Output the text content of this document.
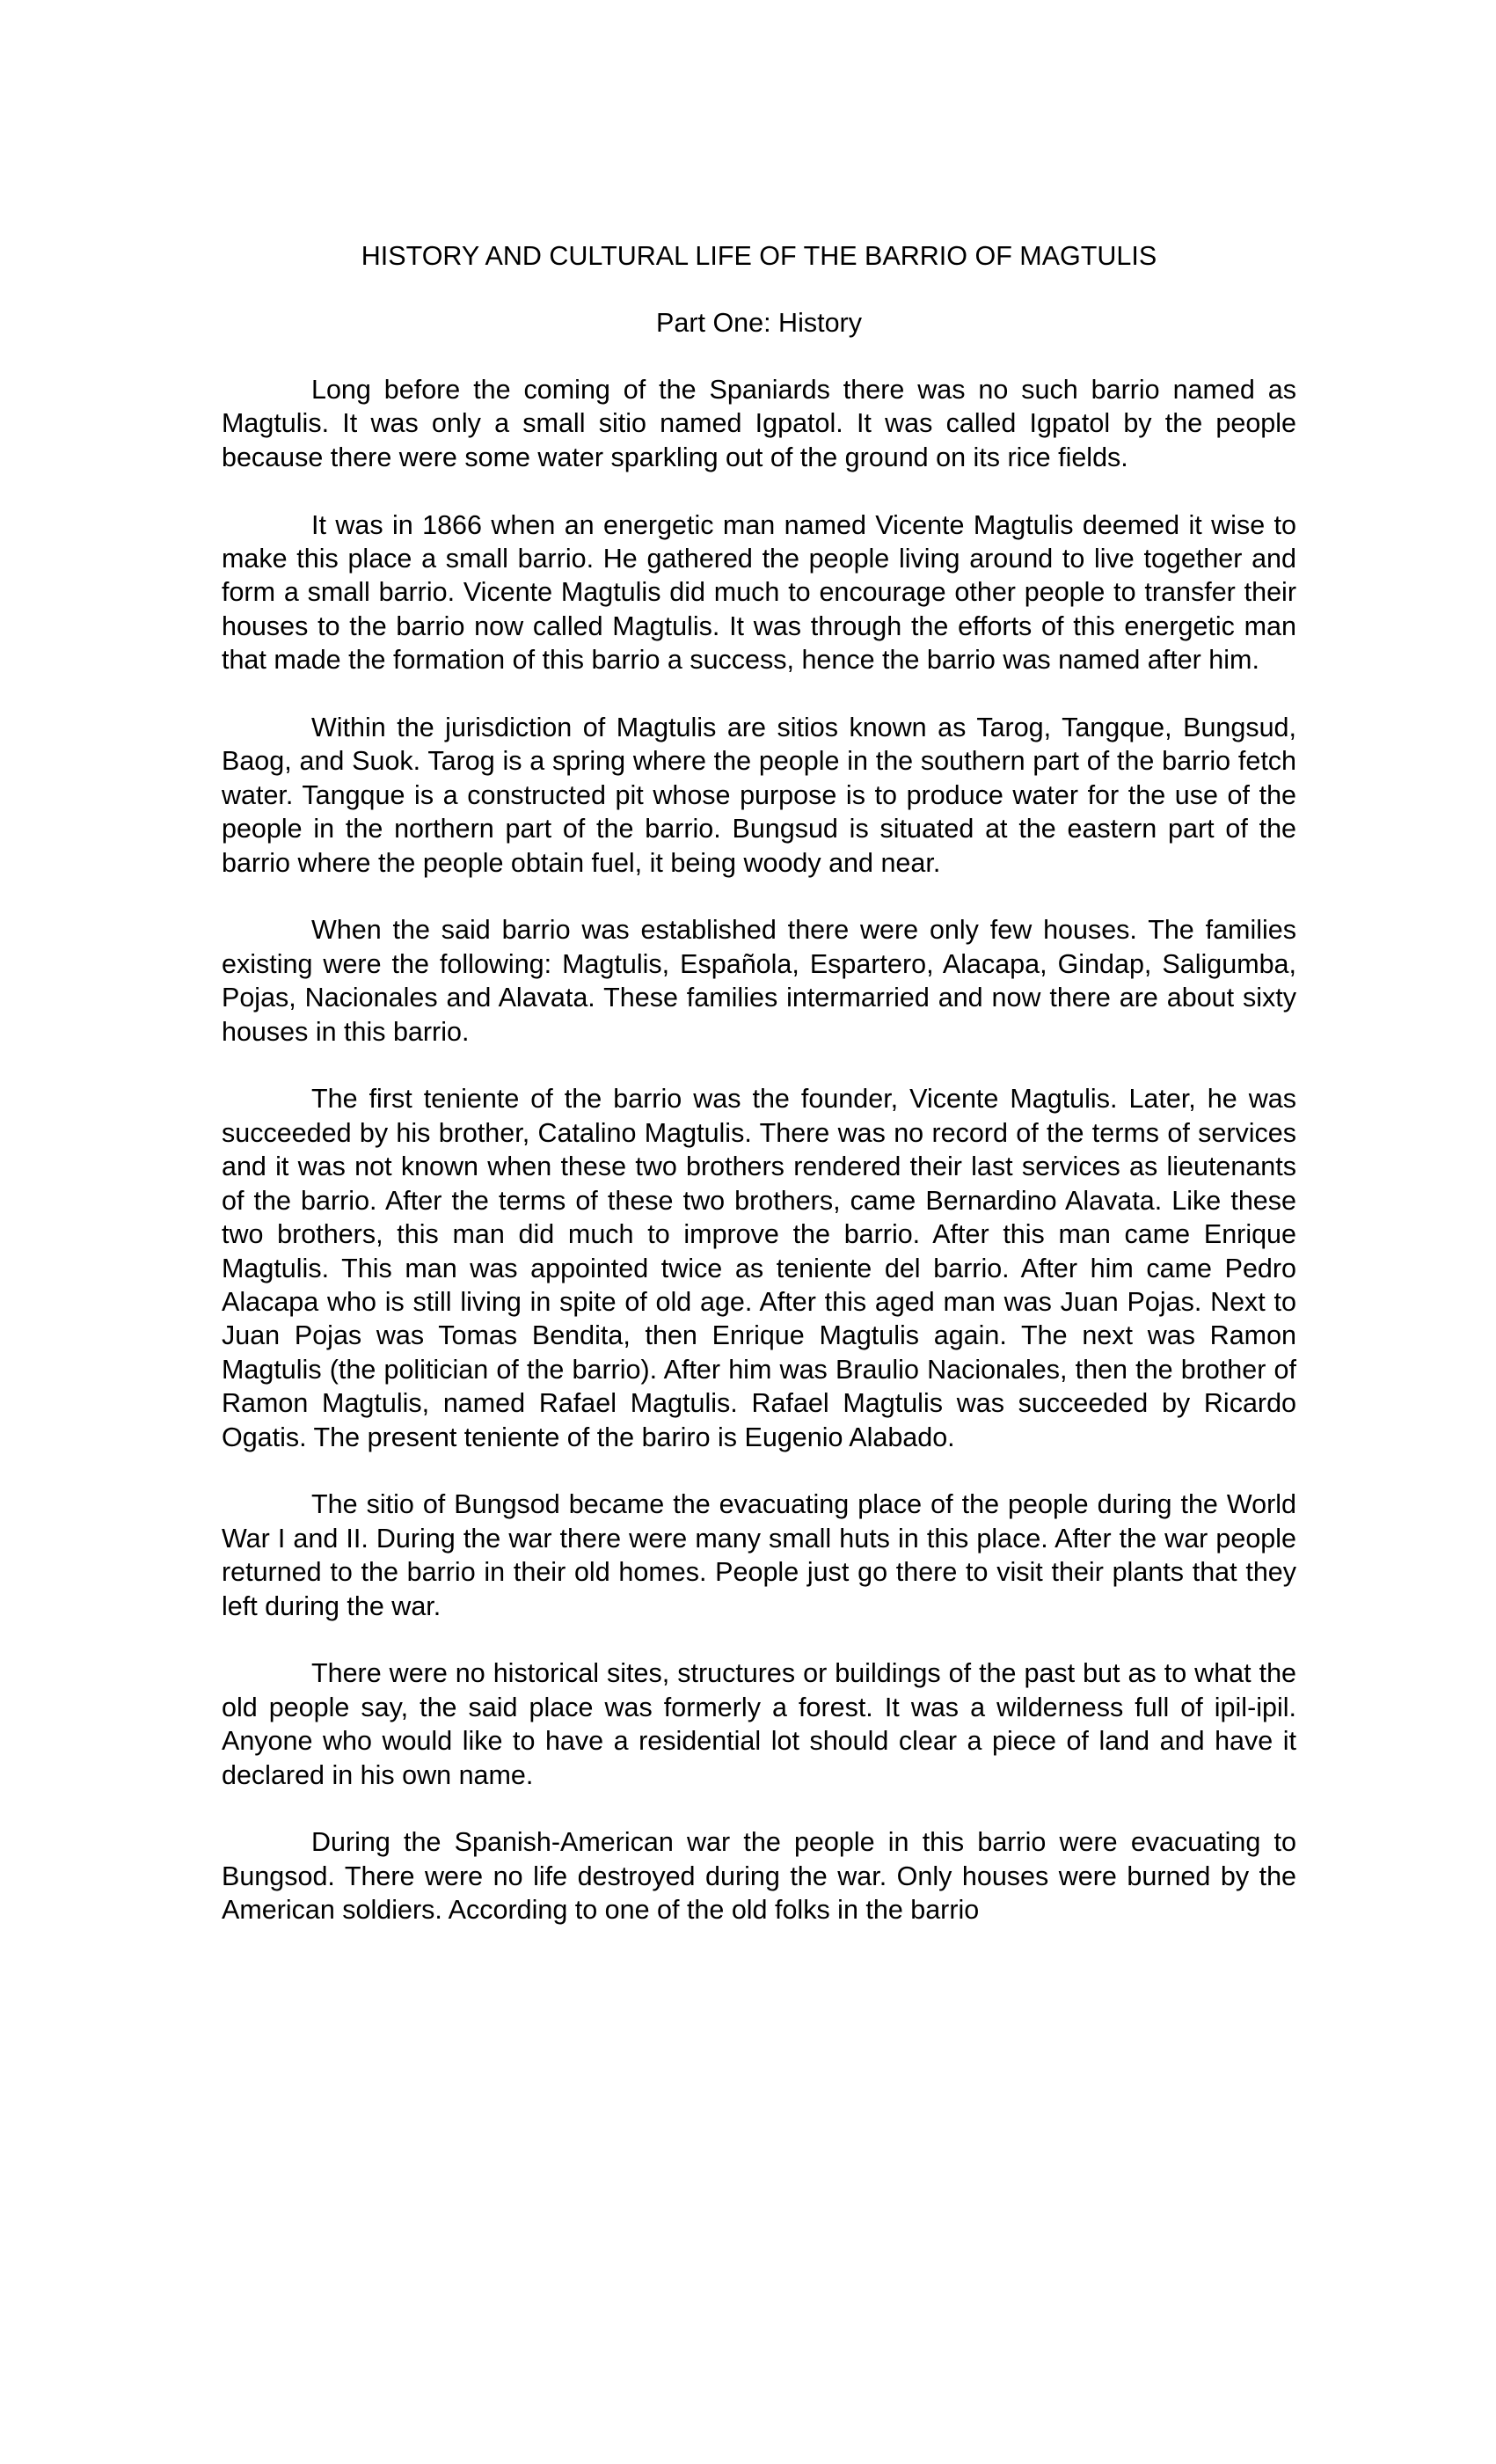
HISTORY AND CULTURAL LIFE OF THE BARRIO OF MAGTULIS
Part One: History

Long before the coming of the Spaniards there was no such barrio named as Magtulis. It was only a small sitio named Igpatol. It was called Igpatol by the people because there were some water sparkling out of the ground on its rice fields.

It was in 1866 when an energetic man named Vicente Magtulis deemed it wise to make this place a small barrio. He gathered the people living around to live together and form a small barrio. Vicente Magtulis did much to encourage other people to transfer their houses to the barrio now called Magtulis. It was through the efforts of this energetic man that made the formation of this barrio a success, hence the barrio was named after him.

Within the jurisdiction of Magtulis are sitios known as Tarog, Tangque, Bungsud, Baog, and Suok. Tarog is a spring where the people in the southern part of the barrio fetch water. Tangque is a constructed pit whose purpose is to produce water for the use of the people in the northern part of the barrio. Bungsud is situated at the eastern part of the barrio where the people obtain fuel, it being woody and near.

When the said barrio was established there were only few houses. The families existing were the following: Magtulis, Española, Espartero, Alacapa, Gindap, Saligumba, Pojas, Nacionales and Alavata. These families intermarried and now there are about sixty houses in this barrio.

The first teniente of the barrio was the founder, Vicente Magtulis. Later, he was succeeded by his brother, Catalino Magtulis. There was no record of the terms of services and it was not known when these two brothers rendered their last services as lieutenants of the barrio. After the terms of these two brothers, came Bernardino Alavata. Like these two brothers, this man did much to improve the barrio. After this man came Enrique Magtulis. This man was appointed twice as teniente del barrio. After him came Pedro Alacapa who is still living in spite of old age. After this aged man was Juan Pojas. Next to Juan Pojas was Tomas Bendita, then Enrique Magtulis again. The next was Ramon Magtulis (the politician of the barrio). After him was Braulio Nacionales, then the brother of Ramon Magtulis, named Rafael Magtulis. Rafael Magtulis was succeeded by Ricardo Ogatis. The present teniente of the bariro is Eugenio Alabado.

The sitio of Bungsod became the evacuating place of the people during the World War I and II. During the war there were many small huts in this place. After the war people returned to the barrio in their old homes. People just go there to visit their plants that they left during the war.

There were no historical sites, structures or buildings of the past but as to what the old people say, the said place was formerly a forest. It was a wilderness full of ipil-ipil. Anyone who would like to have a residential lot should clear a piece of land and have it declared in his own name.

During the Spanish-American war the people in this barrio were evacuating to Bungsod. There were no life destroyed during the war. Only houses were burned by the American soldiers. According to one of the old folks in the barrio
